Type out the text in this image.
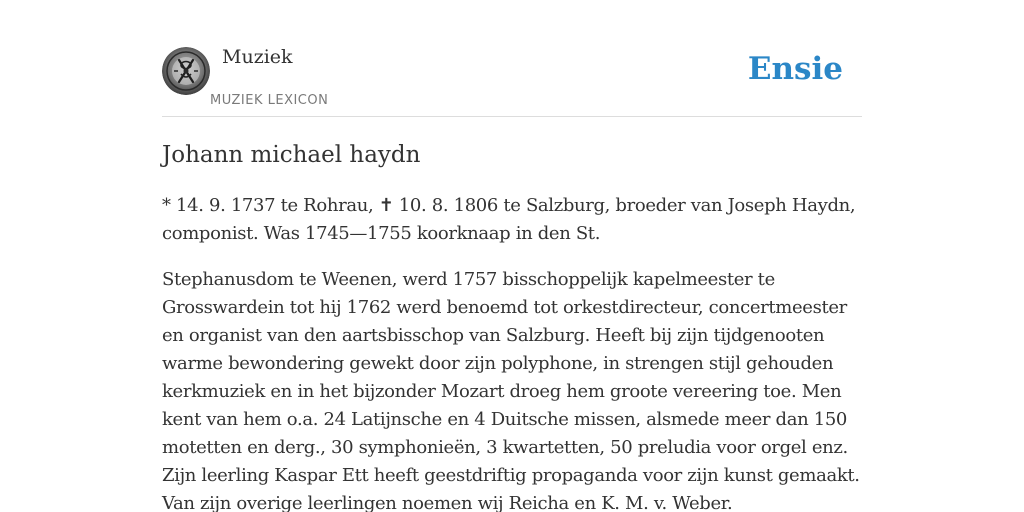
Muziek
MUZIEK LEXICON
Ensie
Johann michael haydn

* 14. 9. 1737 te Rohrau, ✝ 10. 8. 1806 te Salzburg, broeder van Joseph Haydn, componist. Was 1745—1755 koorknaap in den St.

Stephanusdom te Weenen, werd 1757 bisschoppelijk kapelmeester te Grosswardein tot hij 1762 werd benoemd tot orkestdirecteur, concertmeester en organist van den aartsbisschop van Salzburg. Heeft bij zijn tijdgenooten warme bewondering gewekt door zijn polyphone, in strengen stijl gehouden kerkmuziek en in het bijzonder Mozart droeg hem groote vereering toe. Men kent van hem o.a. 24 Latijnsche en 4 Duitsche missen, alsmede meer dan 150 motetten en derg., 30 symphonieën, 3 kwartetten, 50 preludia voor orgel enz. Zijn leerling Kaspar Ett heeft geestdriftig propaganda voor zijn kunst gemaakt. Van zijn overige leerlingen noemen wij Reicha en K. M. v. Weber.
